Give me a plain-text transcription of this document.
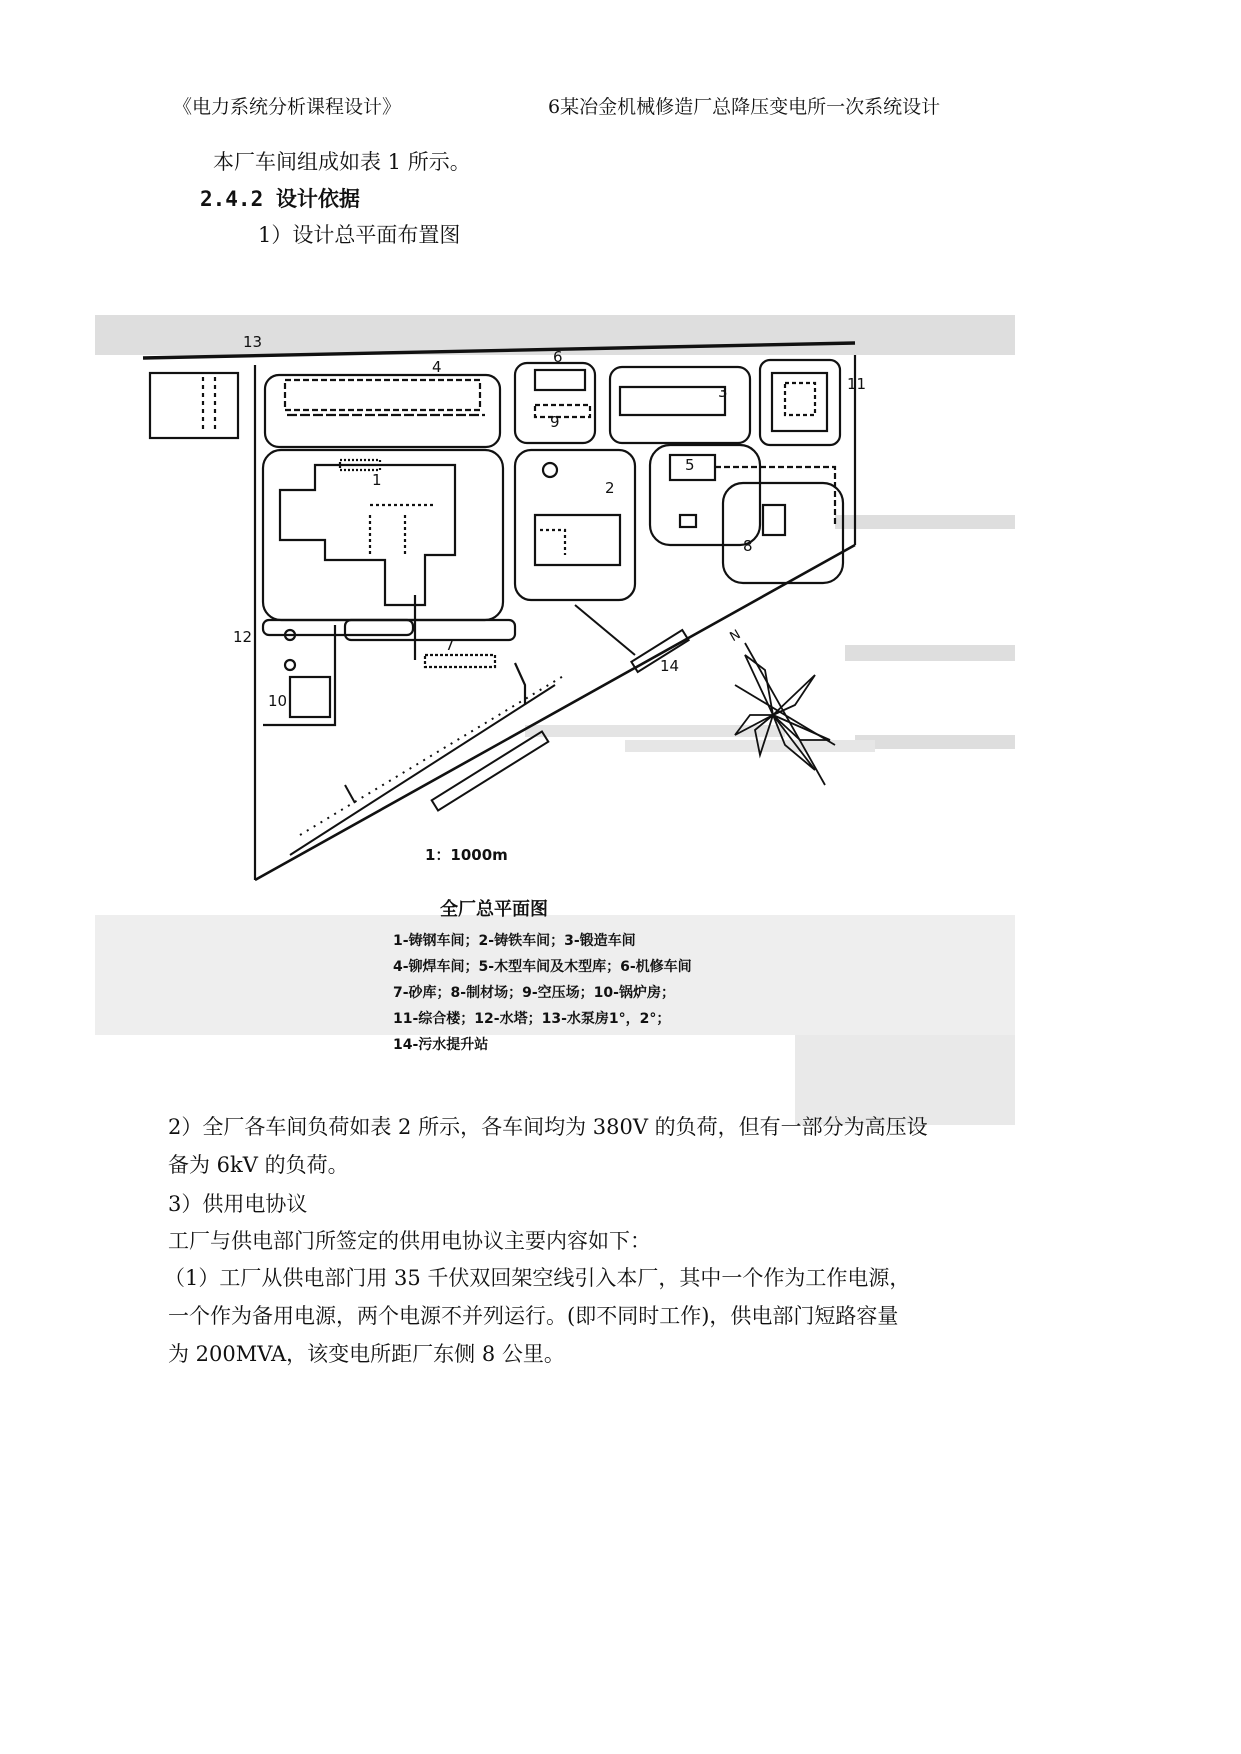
《电力系统分析课程设计》	6某冶金机械修造厂总降压变电所一次系统设计
本厂车间组成如表 1 所示。
2.4.2 设计依据
1）设计总平面布置图
1	2
3
4
5
6
7
8
9
10
11
12
13
14
N
1：1000m
全厂总平面图
1-铸钢车间；2-铸铁车间；3-锻造车间
4-铆焊车间；5-木型车间及木型库；6-机修车间
7-砂库；8-制材场；9-空压场；10-锅炉房；
11-综合楼；12-水塔；13-水泵房1°，2°；
14-污水提升站
2）全厂各车间负荷如表 2 所示，各车间均为 380V 的负荷，但有一部分为高压设
备为 6kV 的负荷。
3）供用电协议
工厂与供电部门所签定的供用电协议主要内容如下：
（1）工厂从供电部门用 35 千伏双回架空线引入本厂，其中一个作为工作电源，
一个作为备用电源，两个电源不并列运行。(即不同时工作)，供电部门短路容量
为 200MVA，该变电所距厂东侧 8 公里。
